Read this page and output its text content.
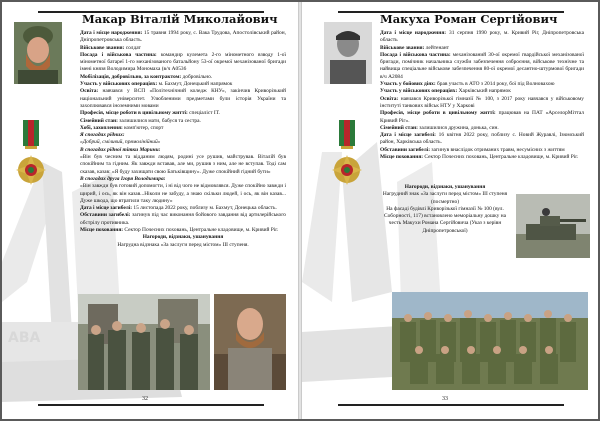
ABA
Макар Віталій Миколайович

Дата і місце народження: 15 травня 1994 року, с. Вака Трудова, Апостолівський район, Дніпропетровська область.

Військове звання: солдат

Посада і військова частина: командир кулемета 2-го мінометного взводу 1-ої мінометної батареї 1-го механізованого батальйону 53-ої окремої механізованої бригади імені князя Володимира Мономаха (в/ч А0536

Мобілізація, добровільно, за контрактом: добровільно.

Участь у військових операціях: м. Бахмут, Донецький напрямок

Освіта: навчався у ВСП «Політехнічний коледж КНУ», закінчив Криворізький національний університет. Улюбленими предметами були історія України та захоплювався іноземними мовами

Професія, місце роботи в цивільному житті: спеціаліст ІТ.

Сімейний стан: залишилися мати, бабуся та сестра.

Хобі, захоплення: комп'ютер, спорт

Я спогадах рідних:

«Добрий, сміливий, прямолінійний»

В спогадах рідної тітки Марини:

«Він був чесним та відданим людям, родині усе рушив, майстрував. Віталій був спокійним та гідним. Як завжди вставав, але ми, рушив з ним, але не вступав. Тоді сам сказав, казав: «Я буду захищати свою Батьківщину». Дуже спокійний гідний бути»

В спогадах друга Ігоря Володимира:

«Він завжди був готовий допомогти, і ні від чого не відмовлявся. Дуже спокійно завжди і щирий, і ось, як він казав...Ніколи не забуду, а знаю скільки людей, і ось, як він казав... Дуже шкода, що втратили таку людину»

Дата і місце загибелі: 15 листопада 2022 року, поблизу м. Бахмут, Донецька область.

Обставини загибелі: загинув під час виконання бойового завдання від артилерійського обстрілу противника.

Місце поховання: Сектор Почесних поховань, Центральне кладовище, м. Кривий Ріг.

Нагороди, відзнаки, ушанування

Нагрудна відзнака «За заслуги перед містом» ІІІ ступеня.

32
Макуха Роман Сергійович

Дата і місце народження: 31 серпня 1990 року, м. Кривий Ріг, Дніпропетровська область

Військове звання: лейтенант

Посада і військова частина: механізований 30-ої окремої гвардійської механізованої бригади, помічник начальника служби забезпечення озброєння, військове технічне та найвища спеціальне військове забезпечення 80-ої окремої десантно-штурмової бригади в/ч А2084

Участь у бойових діях: брав участь в АТО з 2014 року, бої під Волновахою

Участь у військових операціях: Харківський напрямок

Освіта: навчався Криворізької гімназії № 100, з 2017 року навчався у військовому інституті танкових військ НТУ у Харкові

Професія, місце роботи в цивільному житті: працював на ПАТ «АрселорМіттал Кривий Ріг».

Сімейний стан: залишилися дружина, донька, син.

Дата і місце загибелі: 16 квітня 2022 року, поблизу с. Новий Журавлі, Ізюмський район, Харківська область.

Обставини загибелі: загинув внаслідок отриманих травм, несумісних з життям

Місце поховання: Сектор Почесних поховань, Центральне кладовище, м. Кривий Ріг.

Нагороди, відзнаки, ушанування

Нагрудний знак «За заслуги перед містом» ІІІ ступеня (посмертно)

На фасаді будівлі Криворізької гімназії № 100 (вул. Соборності, 117) встановлено меморіальну дошку на честь Макухи Романа Сергійовича (Указ з керівн Дніпропетровської)

33
